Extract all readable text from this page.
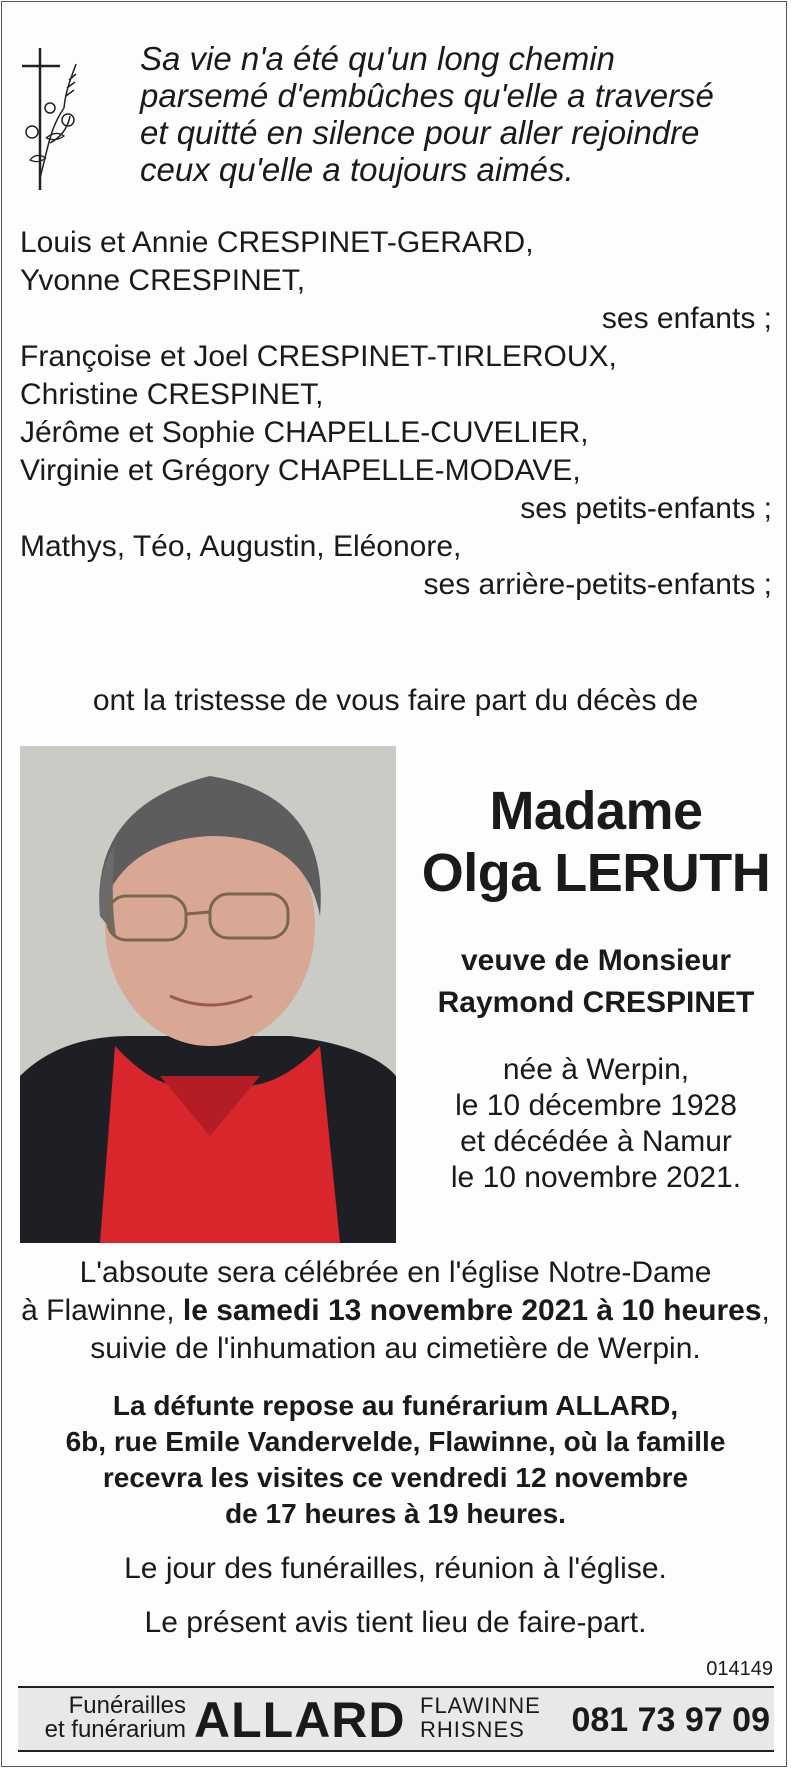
Sa vie n'a été qu'un long chemin
parsemé d'embûches qu'elle a traversé
et quitté en silence pour aller rejoindre
ceux qu'elle a toujours aimés.
Louis et Annie CRESPINET-GERARD,
Yvonne CRESPINET,
ses enfants ;
Françoise et Joel CRESPINET-TIRLEROUX,
Christine CRESPINET,
Jérôme et Sophie CHAPELLE-CUVELIER,
Virginie et Grégory CHAPELLE-MODAVE,
ses petits-enfants ;
Mathys, Téo, Augustin, Eléonore,
ses arrière-petits-enfants ;
ont la tristesse de vous faire part du décès de
Madame
Olga LERUTH
veuve de Monsieur
Raymond CRESPINET
née à Werpin,
le 10 décembre 1928
et décédée à Namur
le 10 novembre 2021.
L'absoute sera célébrée en l'église Notre-Dame
à Flawinne, le samedi 13 novembre 2021 à 10 heures,
suivie de l'inhumation au cimetière de Werpin.
La défunte repose au funérarium ALLARD,
6b, rue Emile Vandervelde, Flawinne, où la famille
recevra les visites ce vendredi 12 novembre
de 17 heures à 19 heures.
Le jour des funérailles, réunion à l'église.
Le présent avis tient lieu de faire-part.
014149
Funérailles
et funérarium ALLARD FLAWINNE
RHISNES 081 73 97 09
